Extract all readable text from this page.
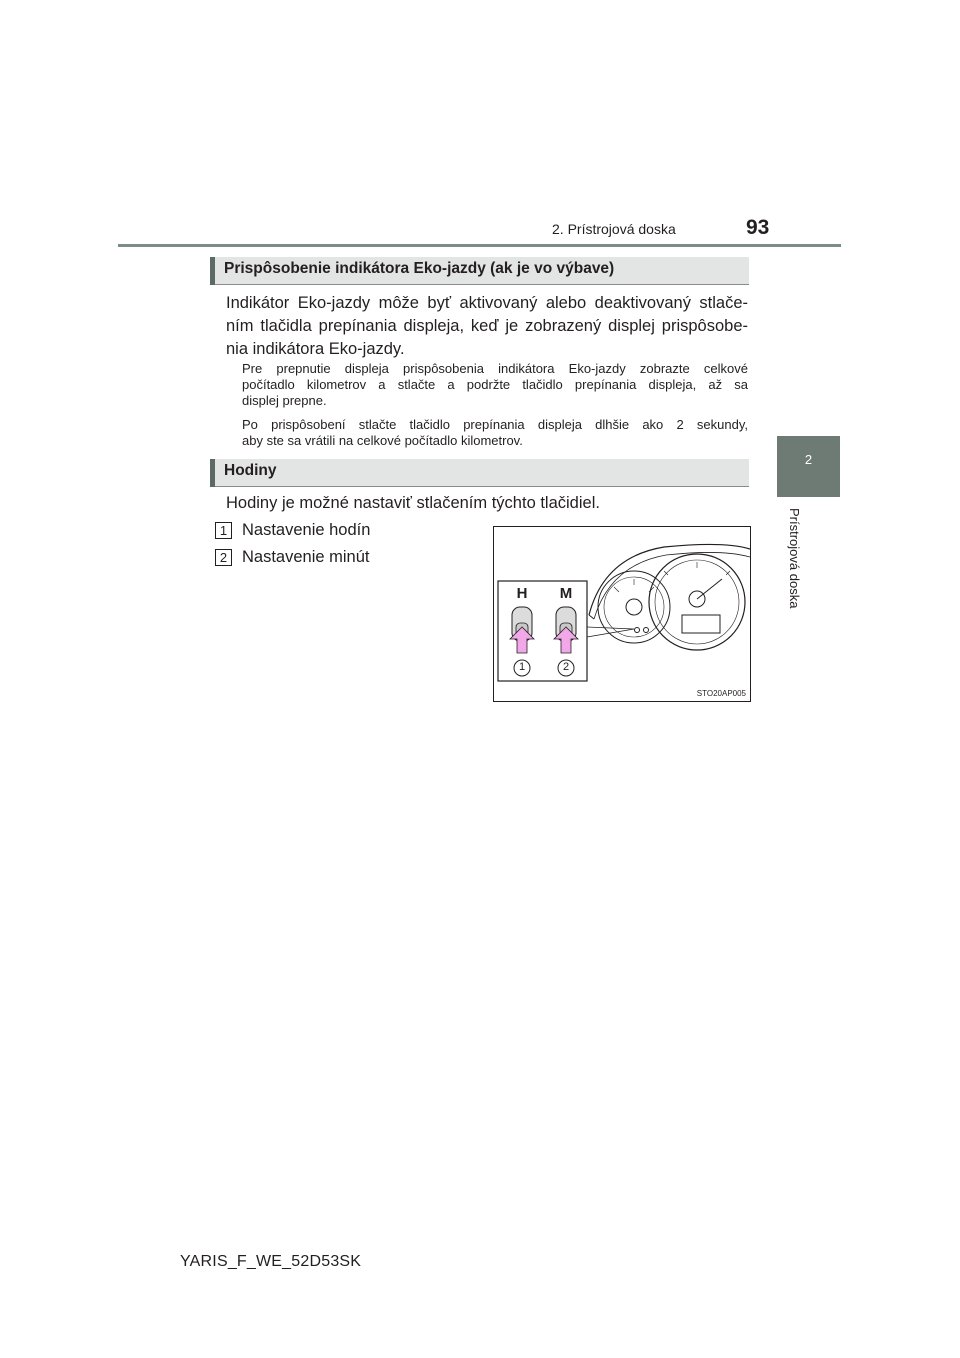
2. Prístrojová doska	93
2
Prístrojová doska
Prispôsobenie indikátora Eko-jazdy (ak je vo výbave)
Indikátor Eko-jazdy môže byť aktivovaný alebo deaktivovaný stlače-
ním tlačidla prepínania displeja, keď je zobrazený displej prispôsobe-
nia indikátora Eko-jazdy.
Pre prepnutie displeja prispôsobenia indikátora Eko-jazdy zobrazte celkové
počítadlo kilometrov a stlačte a podržte tlačidlo prepínania displeja, až sa
displej prepne.
Po prispôsobení stlačte tlačidlo prepínania displeja dlhšie ako 2 sekundy,
aby ste sa vrátili na celkové počítadlo kilometrov.
Hodiny
Hodiny je možné nastaviť stlačením týchto tlačidiel.
1 Nastavenie hodín
2 Nastavenie minút
H M
1	2
STO20AP005
YARIS_F_WE_52D53SK
